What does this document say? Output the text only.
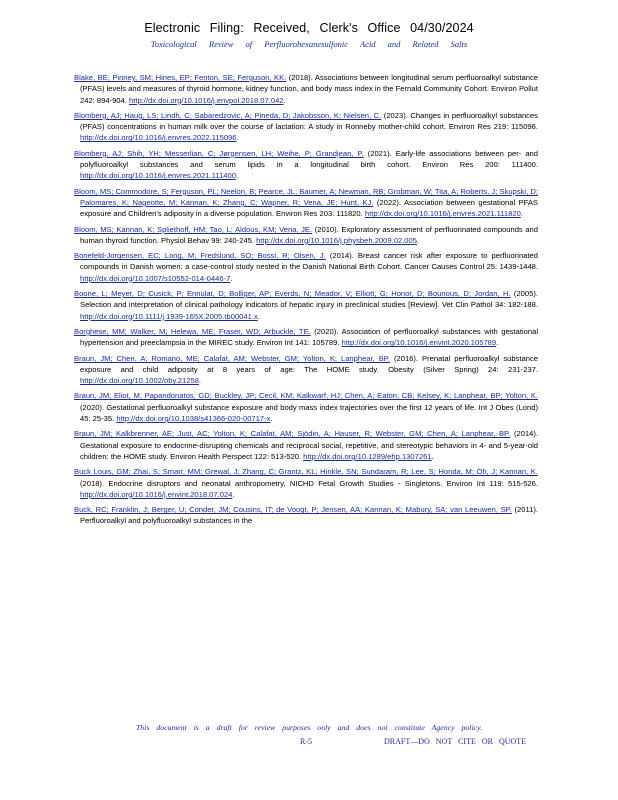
Electronic Filing: Received, Clerk's Office 04/30/2024
Toxicological Review of Perfluorohexanesulfonic Acid and Related Salts

Blake, BE; Pinney, SM; Hines, EP; Fenton, SE; Ferguson, KK. (2018). Associations between longitudinal serum perfluoroalkyl substance (PFAS) levels and measures of thyroid hormone, kidney function, and body mass index in the Fernald Community Cohort. Environ Pollut 242: 894-904. http://dx.doi.org/10.1016/j.envpol.2018.07.042.

Blomberg, AJ; Haug, LS; Lindh, C; Sabaredzovic, A; Pineda, D; Jakobsson, K; Nielsen, C. (2023). Changes in perfluoroalkyl substances (PFAS) concentrations in human milk over the course of lactation: A study in Ronneby mother-child cohort. Environ Res 219: 115096. http://dx.doi.org/10.1016/j.envres.2022.115096.

Blomberg, AJ; Shih, YH; Messerlian, C; Jørgensen, LH; Weihe, P; Grandjean, P. (2021). Early-life associations between per- and polyfluoroalkyl substances and serum lipids in a longitudinal birth cohort. Environ Res 200: 111400. http://dx.doi.org/10.1016/j.envres.2021.111400.

Bloom, MS; Commodore, S; Ferguson, PL; Neelon, B; Pearce, JL; Baumer, A; Newman, RB; Grobman, W; Tita, A; Roberts, J; Skupski, D; Palomares, K; Nageotte, M; Kannan, K; Zhang, C; Wapner, R; Vena, JE; Hunt, KJ. (2022). Association between gestational PFAS exposure and Children's adiposity in a diverse population. Environ Res 203: 111820. http://dx.doi.org/10.1016/j.envres.2021.111820.

Bloom, MS; Kannan, K; Spliethoff, HM; Tao, L; Aldous, KM; Vena, JE. (2010). Exploratory assessment of perfluorinated compounds and human thyroid function. Physiol Behav 99: 240-245. http://dx.doi.org/10.1016/j.physbeh.2009.02.005.

Bonefeld-Jorgensen, EC; Long, M; Fredslund, SO; Bossi, R; Olsen, J. (2014). Breast cancer risk after exposure to perfluorinated compounds in Danish women: a case-control study nested in the Danish National Birth Cohort. Cancer Causes Control 25: 1439-1448. http://dx.doi.org/10.1007/s10552-014-0446-7.

Boone, L; Meyer, D; Cusick, P; Ennulat, D; Bolliger, AP; Everds, N; Meador, V; Elliott, G; Honor, D; Bounous, D; Jordan, H. (2005). Selection and interpretation of clinical pathology indicators of hepatic injury in preclinical studies [Review]. Vet Clin Pathol 34: 182-188. http://dx.doi.org/10.1111/j.1939-165X.2005.tb00041.x.

Borghese, MM; Walker, M; Helewa, ME; Fraser, WD; Arbuckle, TE. (2020). Association of perfluoroalkyl substances with gestational hypertension and preeclampsia in the MIREC study. Environ Int 141: 105789. http://dx.doi.org/10.1016/j.envint.2020.105789.

Braun, JM; Chen, A; Romano, ME; Calafat, AM; Webster, GM; Yolton, K; Lanphear, BP. (2016). Prenatal perfluoroalkyl substance exposure and child adiposity at 8 years of age: The HOME study. Obesity (Silver Spring) 24: 231-237. http://dx.doi.org/10.1002/oby.21258.

Braun, JM; Eliot, M; Papandonatos, GD; Buckley, JP; Cecil, KM; Kalkwarf, HJ; Chen, A; Eaton, CB; Kelsey, K; Lanphear, BP; Yolton, K. (2020). Gestational perfluoroalkyl substance exposure and body mass index trajectories over the first 12 years of life. Int J Obes (Lond) 45: 25-35. http://dx.doi.org/10.1038/s41366-020-00717-x.

Braun, JM; Kalkbrenner, AE; Just, AC; Yolton, K; Calafat, AM; Sjödin, A; Hauser, R; Webster, GM; Chen, A; Lanphear, BP. (2014). Gestational exposure to endocrine-disrupting chemicals and reciprocal social, repetitive, and stereotypic behaviors in 4- and 5-year-old children: the HOME study. Environ Health Perspect 122: 513-520. http://dx.doi.org/10.1289/ehp.1307261.

Buck Louis, GM; Zhai, S; Smarr, MM; Grewal, J; Zhang, C; Grantz, KL; Hinkle, SN; Sundaram, R; Lee, S; Honda, M; Oh, J; Kannan, K. (2018). Endocrine disruptors and neonatal anthropometry, NICHD Fetal Growth Studies - Singletons. Environ Int 119: 515-526. http://dx.doi.org/10.1016/j.envint.2018.07.024.

Buck, RC; Franklin, J; Berger, U; Conder, JM; Cousins, IT; de Voogt, P; Jensen, AA; Kannan, K; Mabury, SA; van Leeuwen, SP. (2011). Perfluoroalkyl and polyfluoroalkyl substances in the

This document is a draft for review purposes only and does not constitute Agency policy.
R-5	DRAFT—DO NOT CITE OR QUOTE
